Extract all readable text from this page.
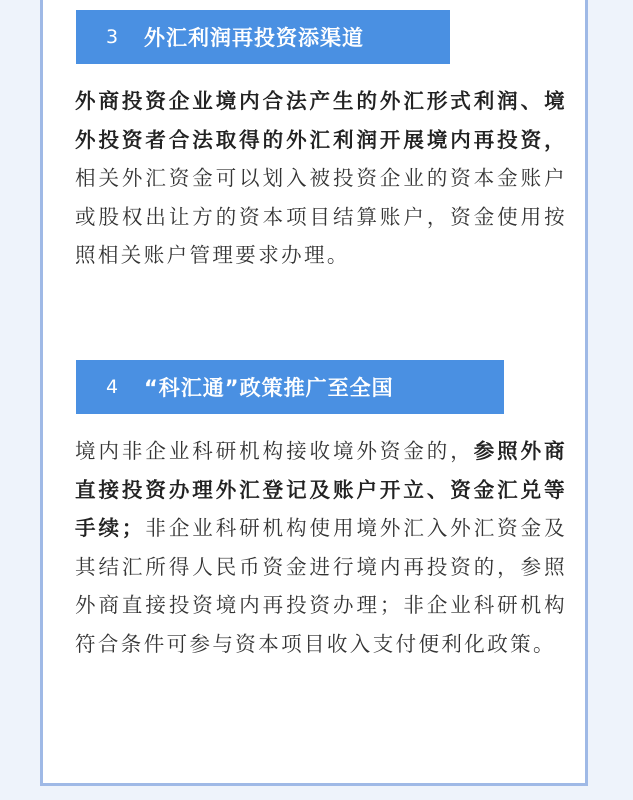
3	外汇利润再投资添渠道

外商投资企业境内合法产生的外汇形式利润、境外投资者合法取得的外汇利润开展境内再投资，相关外汇资金可以划入被投资企业的资本金账户或股权出让方的资本项目结算账户，资金使用按照相关账户管理要求办理。

4	“科汇通”政策推广至全国

境内非企业科研机构接收境外资金的，参照外商直接投资办理外汇登记及账户开立、资金汇兑等手续；非企业科研机构使用境外汇入外汇资金及其结汇所得人民币资金进行境内再投资的，参照外商直接投资境内再投资办理；非企业科研机构符合条件可参与资本项目收入支付便利化政策。
